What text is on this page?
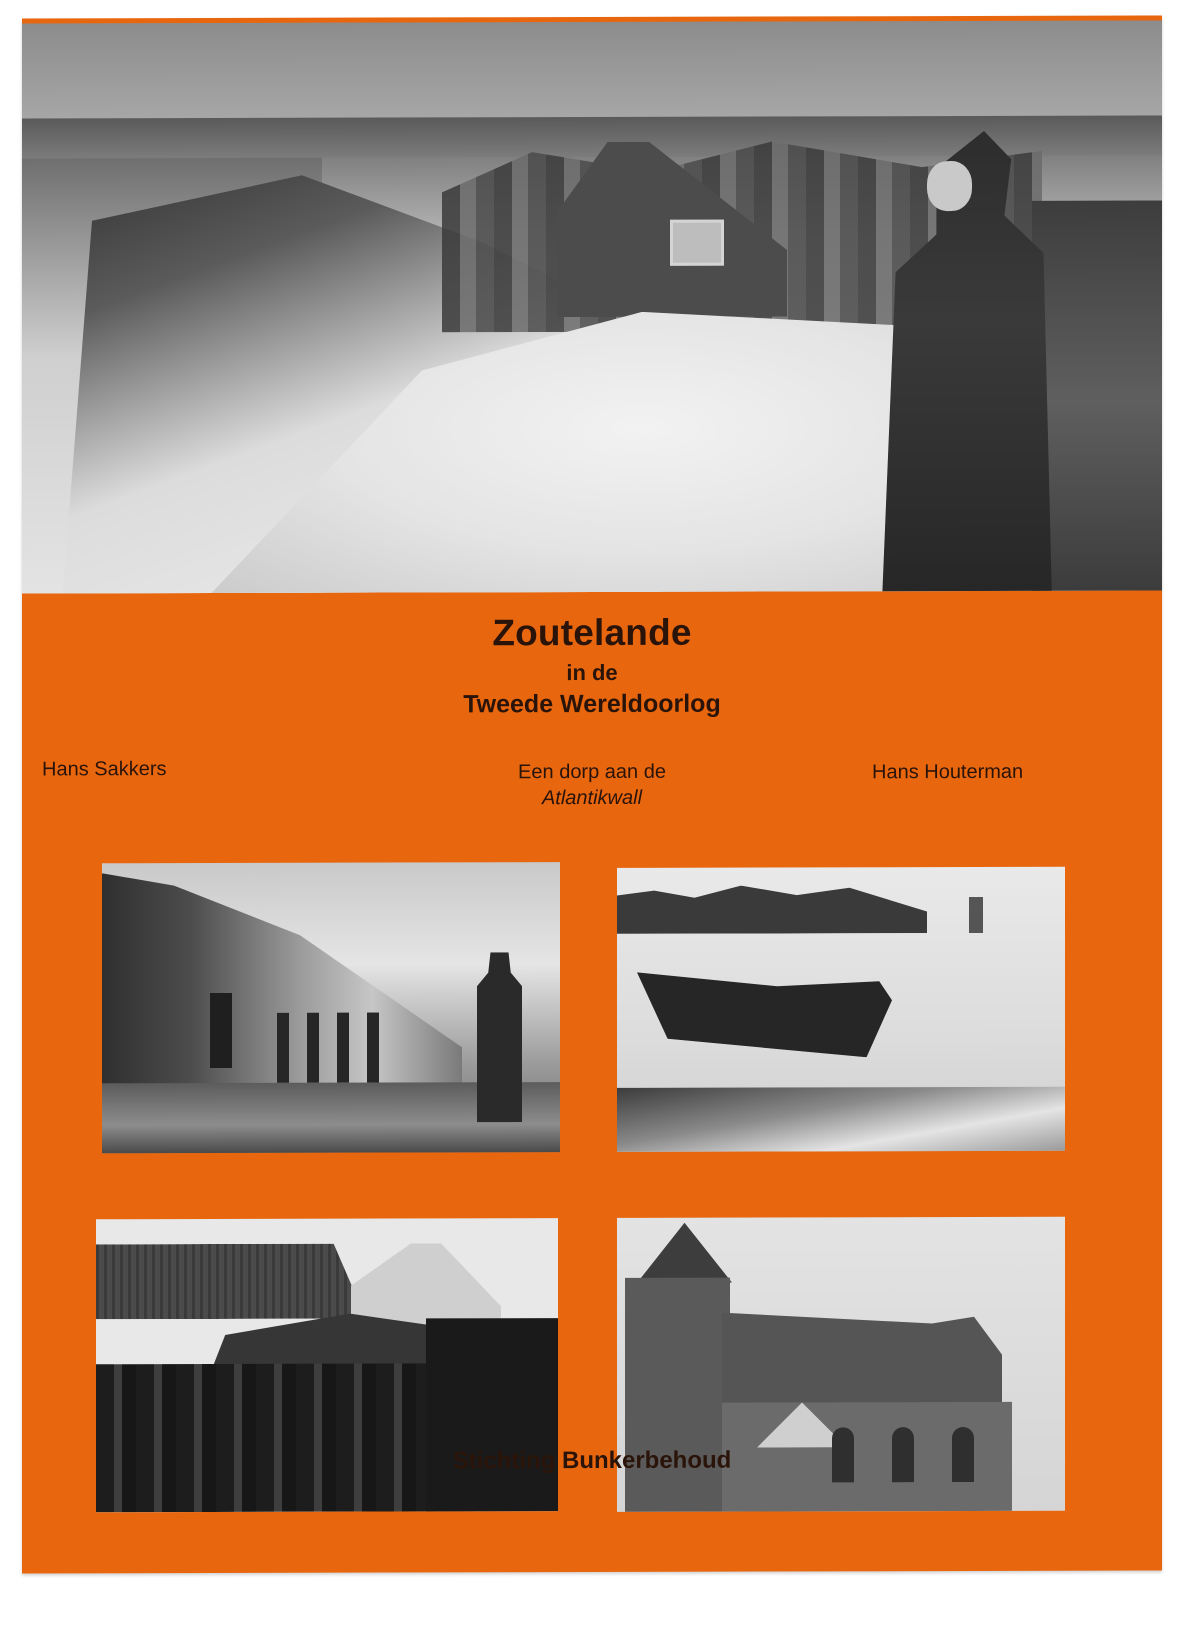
Zoutelande
in de
Tweede Wereldoorlog
Hans Sakkers	Een dorp aan de
Atlantikwall
Hans Houterman
Stichting Bunkerbehoud
